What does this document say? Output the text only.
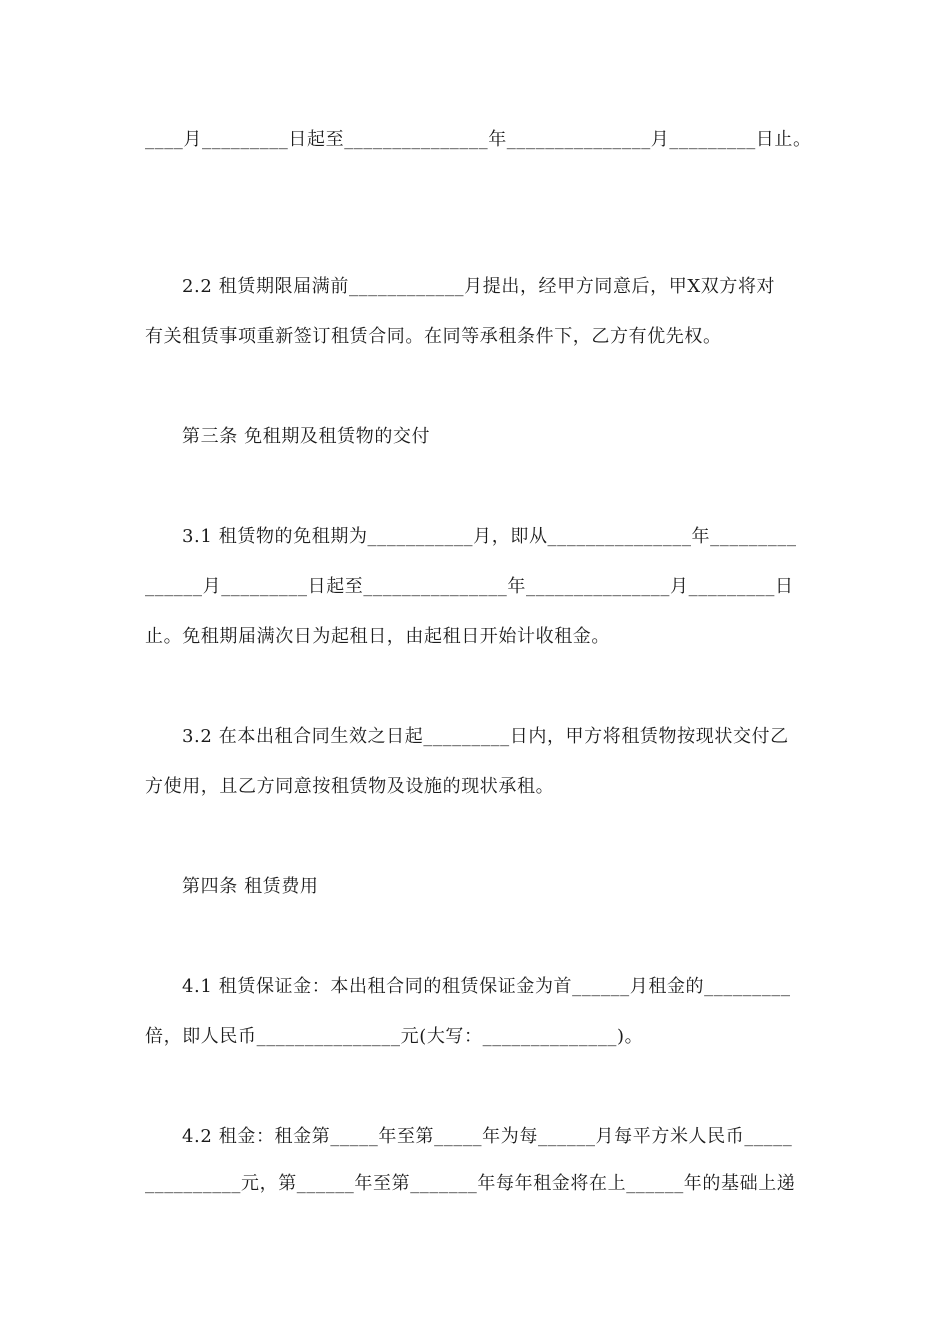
____月_________日起至_______________年_______________月_________日止。
2.2 租赁期限届满前____________月提出，经甲方同意后，甲X双方将对
有关租赁事项重新签订租赁合同。在同等承租条件下，乙方有优先权。
第三条 免租期及租赁物的交付
3.1 租赁物的免租期为___________月，即从_______________年_________
______月_________日起至_______________年_______________月_________日
止。免租期届满次日为起租日，由起租日开始计收租金。
3.2 在本出租合同生效之日起_________日内，甲方将租赁物按现状交付乙
方使用，且乙方同意按租赁物及设施的现状承租。
第四条 租赁费用
4.1 租赁保证金：本出租合同的租赁保证金为首______月租金的_________
倍，即人民币_______________元(大写：______________)。
4.2 租金：租金第_____年至第_____年为每______月每平方米人民币_____
__________元，第______年至第_______年每年租金将在上______年的基础上递
